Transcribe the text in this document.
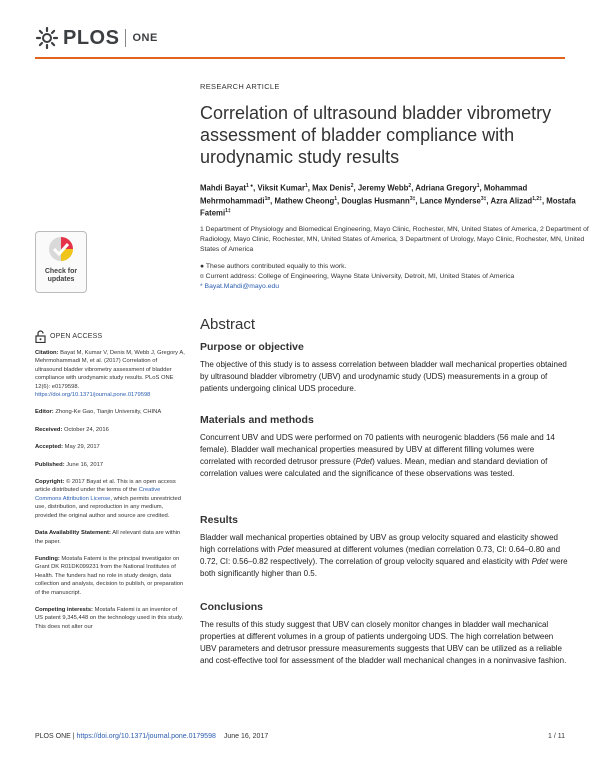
PLOS ONE
RESEARCH ARTICLE
Correlation of ultrasound bladder vibrometry assessment of bladder compliance with urodynamic study results
Mahdi Bayat$^{1 ●}$, Viksit Kumar$^1$, Max Denis$^2$, Jeremy Webb$^2$, Adriana Gregory$^1$, Mohammad Mehrmohammadi$^{1¤}$, Mathew Cheong$^1$, Douglas Husmann$^{3\ddagger}$, Lance Mynderse$^{3\ddagger}$, Azra Alizad$^{1,2\ddagger}$, Mostafa Fatemi$^{1\ddagger}$
1 Department of Physiology and Biomedical Engineering, Mayo Clinic, Rochester, MN, United States of America, 2 Department of Radiology, Mayo Clinic, Rochester, MN, United States of America, 3 Department of Urology, Mayo Clinic, Rochester, MN, United States of America
● These authors contributed equally to this work.
¤ Current address: College of Engineering, Wayne State University, Detroit, MI, United States of America
* Bayat.Mahdi@mayo.edu
Check for
updates
OPEN ACCESS

Citation: Bayat M, Kumar V, Denis M, Webb J, Gregory A, Mehrmohammadi M, et al. (2017) Correlation of ultrasound bladder vibrometry assessment of bladder compliance with urodynamic study results. PLoS ONE 12(6): e0179598. https://doi.org/10.1371/journal.pone.0179598

Editor: Zhong-Ke Gao, Tianjin University, CHINA

Received: October 24, 2016

Accepted: May 29, 2017

Published: June 16, 2017

Copyright: © 2017 Bayat et al. This is an open access article distributed under the terms of the Creative Commons Attribution License, which permits unrestricted use, distribution, and reproduction in any medium, provided the original author and source are credited.

Data Availability Statement: All relevant data are within the paper.

Funding: Mostafa Fatemi is the principal investigator on Grant DK R01DK099231 from the National Institutes of Health. The funders had no role in study design, data collection and analysis, decision to publish, or preparation of the manuscript.

Competing interests: Mostafa Fatemi is an inventor of US patent 9,345,448 on the technology used in this study. This does not alter our

Abstract
Purpose or objective
The objective of this study is to assess correlation between bladder wall mechanical properties obtained by ultrasound bladder vibrometry (UBV) and urodynamic study (UDS) measurements in a group of patients undergoing clinical UDS procedure.
Materials and methods
Concurrent UBV and UDS were performed on 70 patients with neurogenic bladders (56 male and 14 female). Bladder wall mechanical properties measured by UBV at different filling volumes were correlated with recorded detrusor pressure (Pdet) values. Mean, median and standard deviation of correlation values were calculated and the significance of these observations was tested.
Results
Bladder wall mechanical properties obtained by UBV as group velocity squared and elasticity showed high correlations with Pdet measured at different volumes (median correlation 0.73, CI: 0.64–0.80 and 0.72, CI: 0.56–0.82 respectively). The correlation of group velocity squared and elasticity with Pdet were both significantly higher than 0.5.
Conclusions
The results of this study suggest that UBV can closely monitor changes in bladder wall mechanical properties at different volumes in a group of patients undergoing UDS. The high correlation between UBV parameters and detrusor pressure measurements suggests that UBV can be utilized as a reliable and cost-effective tool for assessment of the bladder wall mechanical changes in a noninvasive fashion.
PLOS ONE | https://doi.org/10.1371/journal.pone.0179598 June 16, 2017	1 / 11
